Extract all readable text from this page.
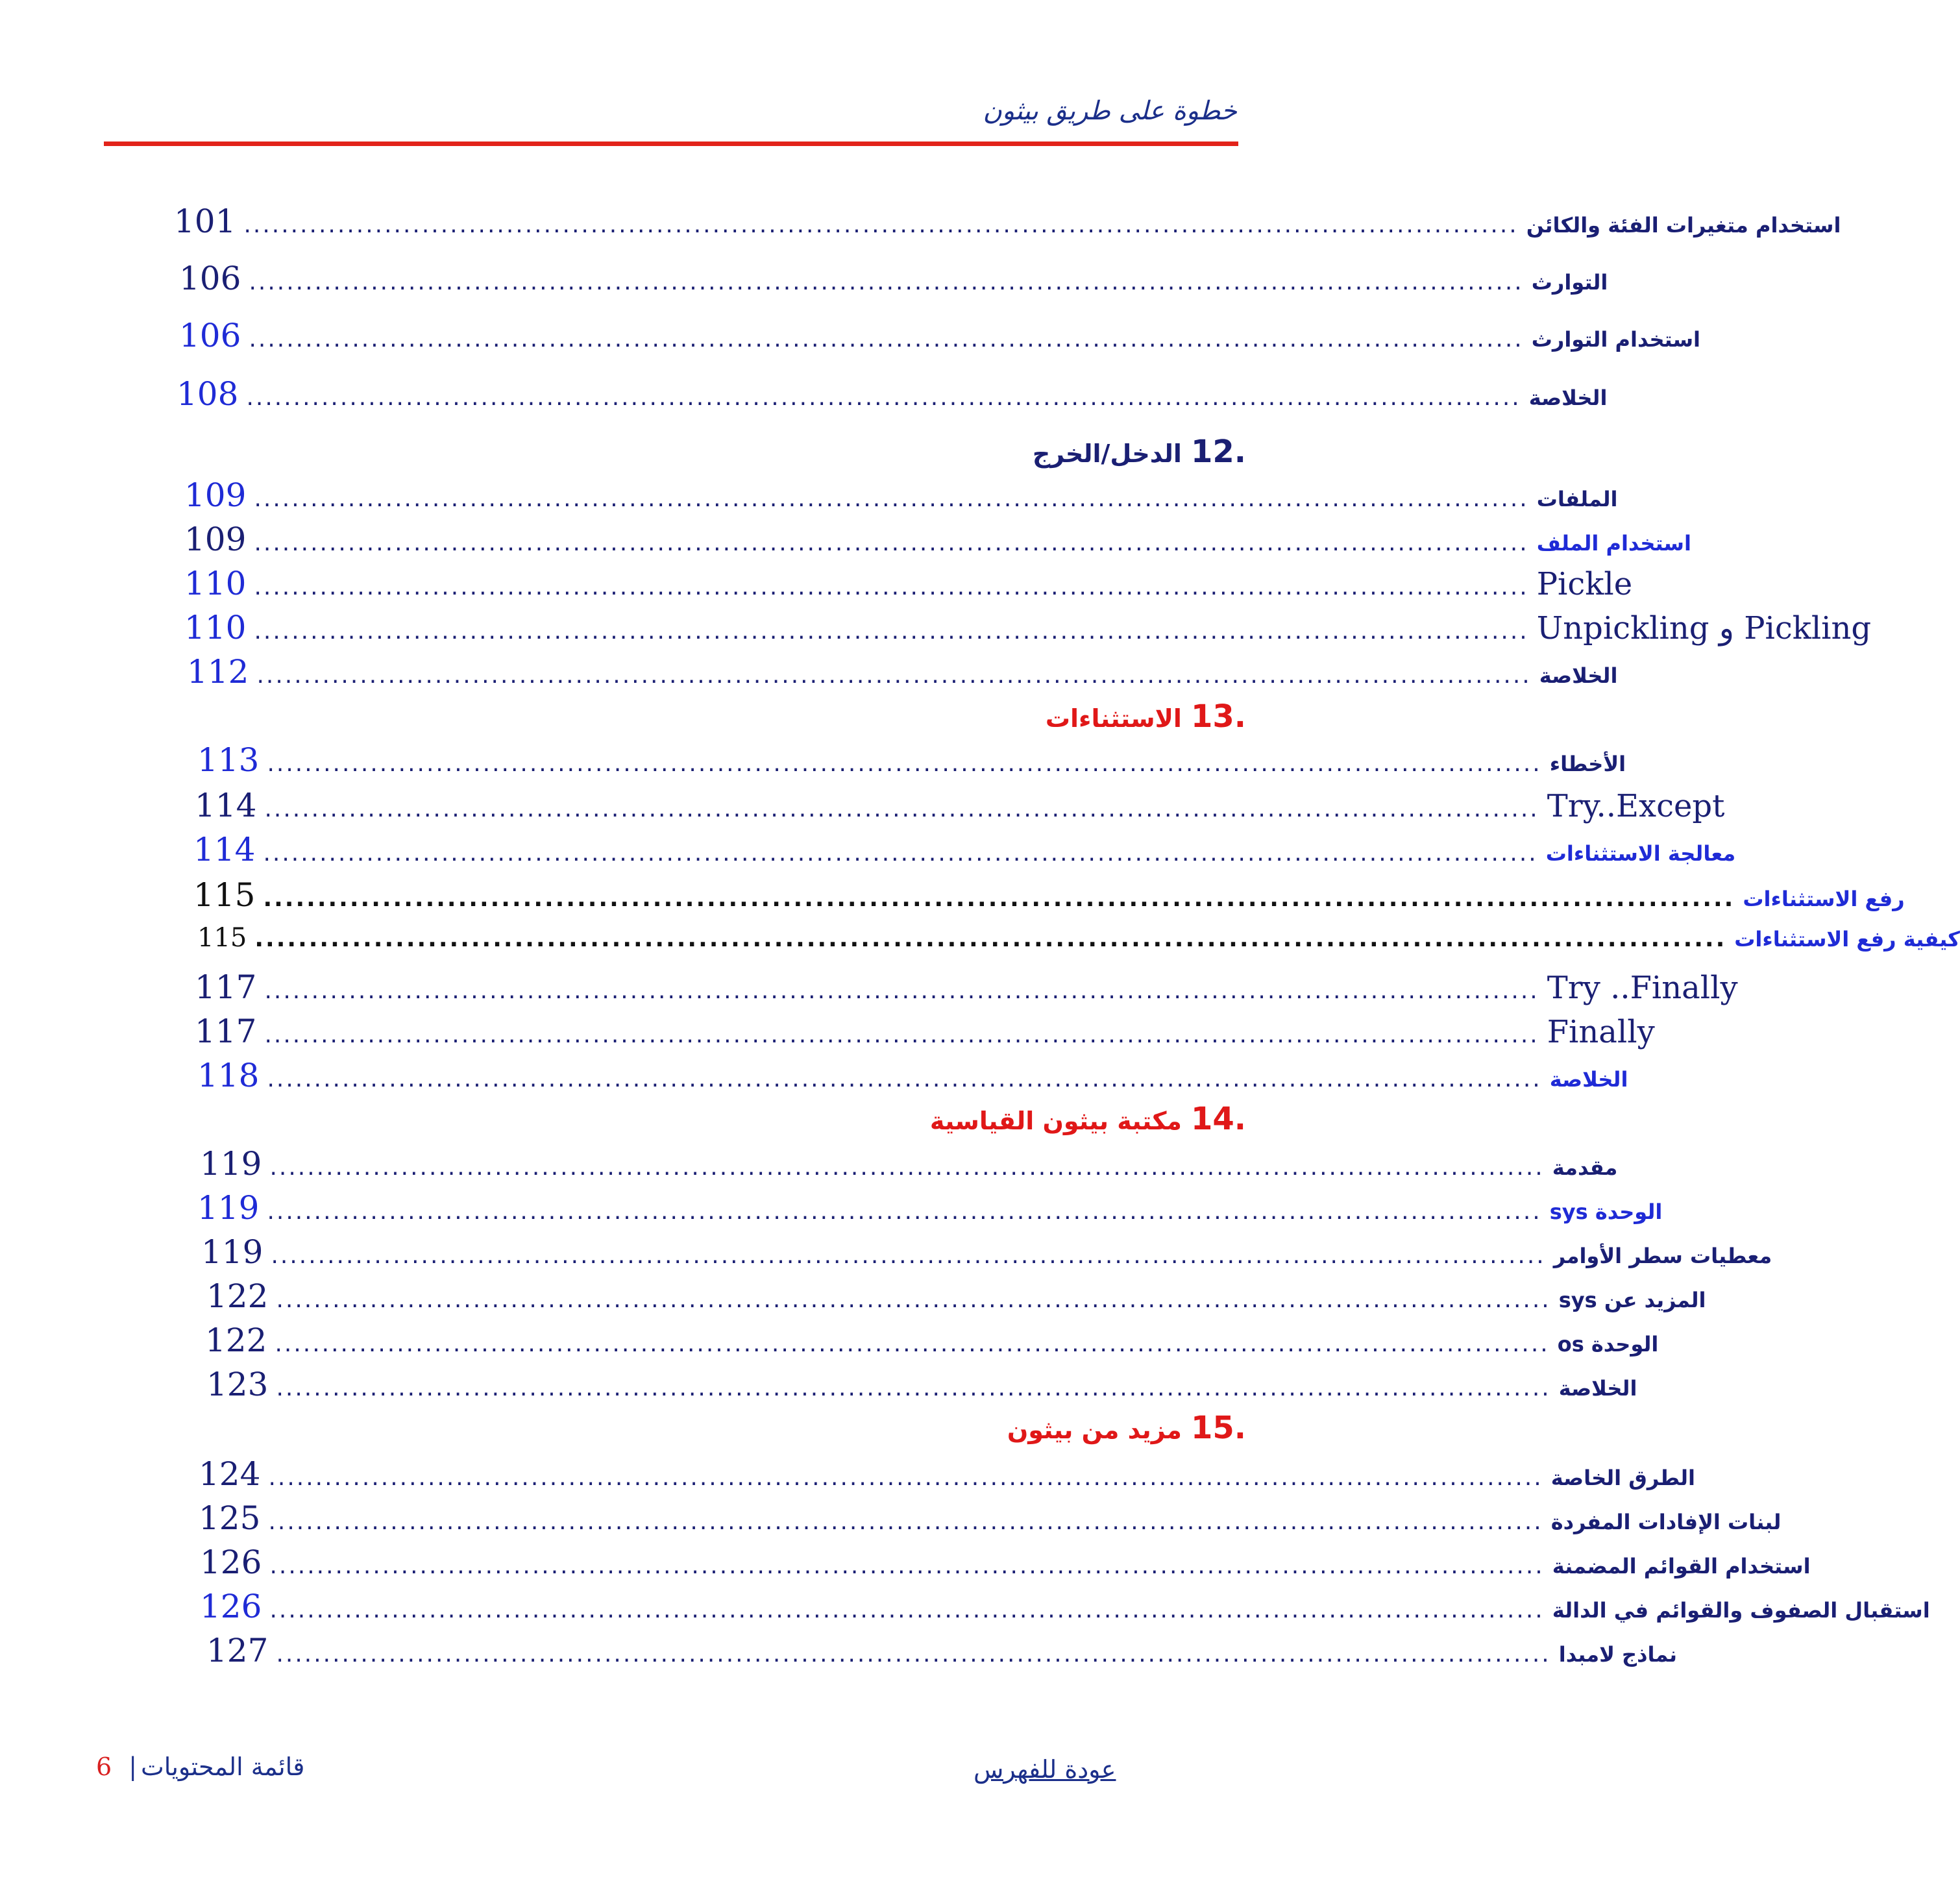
خطوة على طريق بيثون
101 ........................................................................................................................................ استخدام متغيرات الفئة والكائن
106 ........................................................................................................................................ التوارث
106 ........................................................................................................................................ استخدام التوارث
108 ........................................................................................................................................ الخلاصة
12.
الدخل/الخرج
109 ........................................................................................................................................ الملفات
109 ........................................................................................................................................ استخدام الملف
110 ........................................................................................................................................ Pickle
110 ........................................................................................................................................ Unpickling و Pickling
112 ........................................................................................................................................ الخلاصة
13.
الاستثناءات
113 ........................................................................................................................................ الأخطاء
114 ........................................................................................................................................ Try..Except
114 ........................................................................................................................................ معالجة الاستثناءات
115 ........................................................................................................................................ رفع الاستثناءات
115 ........................................................................................................................................ كيفية رفع الاستثناءات
117 ........................................................................................................................................ Try ..Finally
117 ........................................................................................................................................ Finally
118 ........................................................................................................................................ الخلاصة
14.
مكتبة بيثون القياسية
119 ........................................................................................................................................ مقدمة
119 ........................................................................................................................................ الوحدة sys
119 ........................................................................................................................................ معطيات سطر الأوامر
122 ........................................................................................................................................ المزيد عن sys
122 ........................................................................................................................................ الوحدة os
123 ........................................................................................................................................ الخلاصة
15.
مزيد من بيثون
124 ........................................................................................................................................ الطرق الخاصة
125 ........................................................................................................................................ لبنات الإفادات المفردة
126 ........................................................................................................................................ استخدام القوائم المضمنة
126 ........................................................................................................................................ استقبال الصفوف والقوائم في الدالة
127 ........................................................................................................................................ نماذج لامبدا
6 | قائمة المحتويات	عودة للفهرس
